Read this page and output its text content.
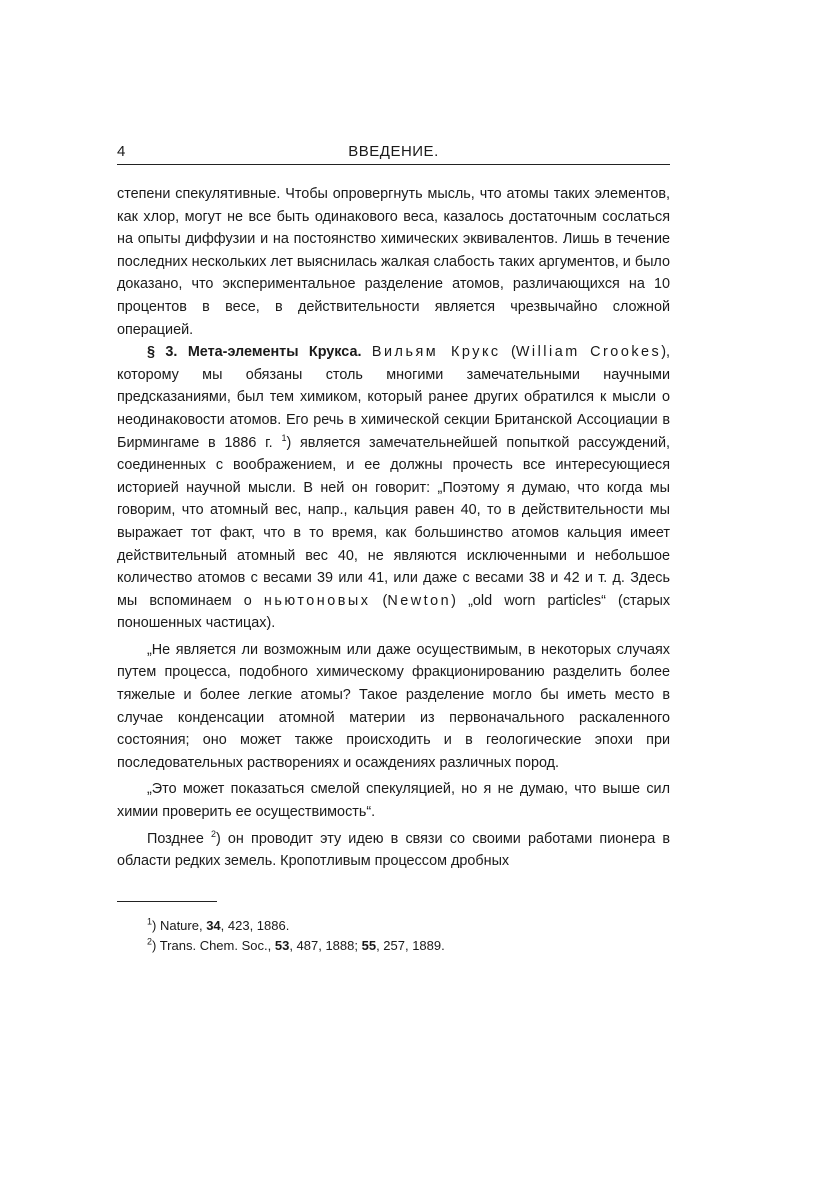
4	ВВЕДЕНИЕ.

степени спекулятивные. Чтобы опровергнуть мысль, что атомы таких элементов, как хлор, могут не все быть одинакового веса, казалось достаточным сослаться на опыты диффузии и на постоянство химических эквивалентов. Лишь в течение последних нескольких лет выяснилась жалкая слабость таких аргументов, и было доказано, что экспериментальное разделение атомов, различающихся на 10 процентов в весе, в действительности является чрезвычайно сложной операцией.

§ 3. Мета-элементы Крукса. Вильям Крукс (William Crookes), которому мы обязаны столь многими замечательными научными предсказаниями, был тем химиком, который ранее других обратился к мысли о неодинаковости атомов. Его речь в химической секции Британской Ассоциации в Бирмингаме в 1886 г. $^1$) является замечательнейшей попыткой рассуждений, соединенных с воображением, и ее должны прочесть все интересующиеся историей научной мысли. В ней он говорит: „Поэтому я думаю, что когда мы говорим, что атомный вес, напр., кальция равен 40, то в действительности мы выражает тот факт, что в то время, как большинство атомов кальция имеет действительный атомный вес 40, не являются исключенными и небольшое количество атомов с весами 39 или 41, или даже с весами 38 и 42 и т. д. Здесь мы вспоминаем о ньютоновых (Newton) „old worn particles“ (старых поношенных частицах).

„Не является ли возможным или даже осуществимым, в некоторых случаях путем процесса, подобного химическому фракционированию разделить более тяжелые и более легкие атомы? Такое разделение могло бы иметь место в случае конденсации атомной материи из первоначального раскаленного состояния; оно может также происходить и в геологические эпохи при последовательных растворениях и осаждениях различных пород.

„Это может показаться смелой спекуляцией, но я не думаю, что выше сил химии проверить ее осуществимость“.

Позднее $^2$) он проводит эту идею в связи со своими работами пионера в области редких земель. Кропотливым процессом дробных

$^1$) Nature, 34, 423, 1886.

$^2$) Trans. Chem. Soc., 53, 487, 1888; 55, 257, 1889.
